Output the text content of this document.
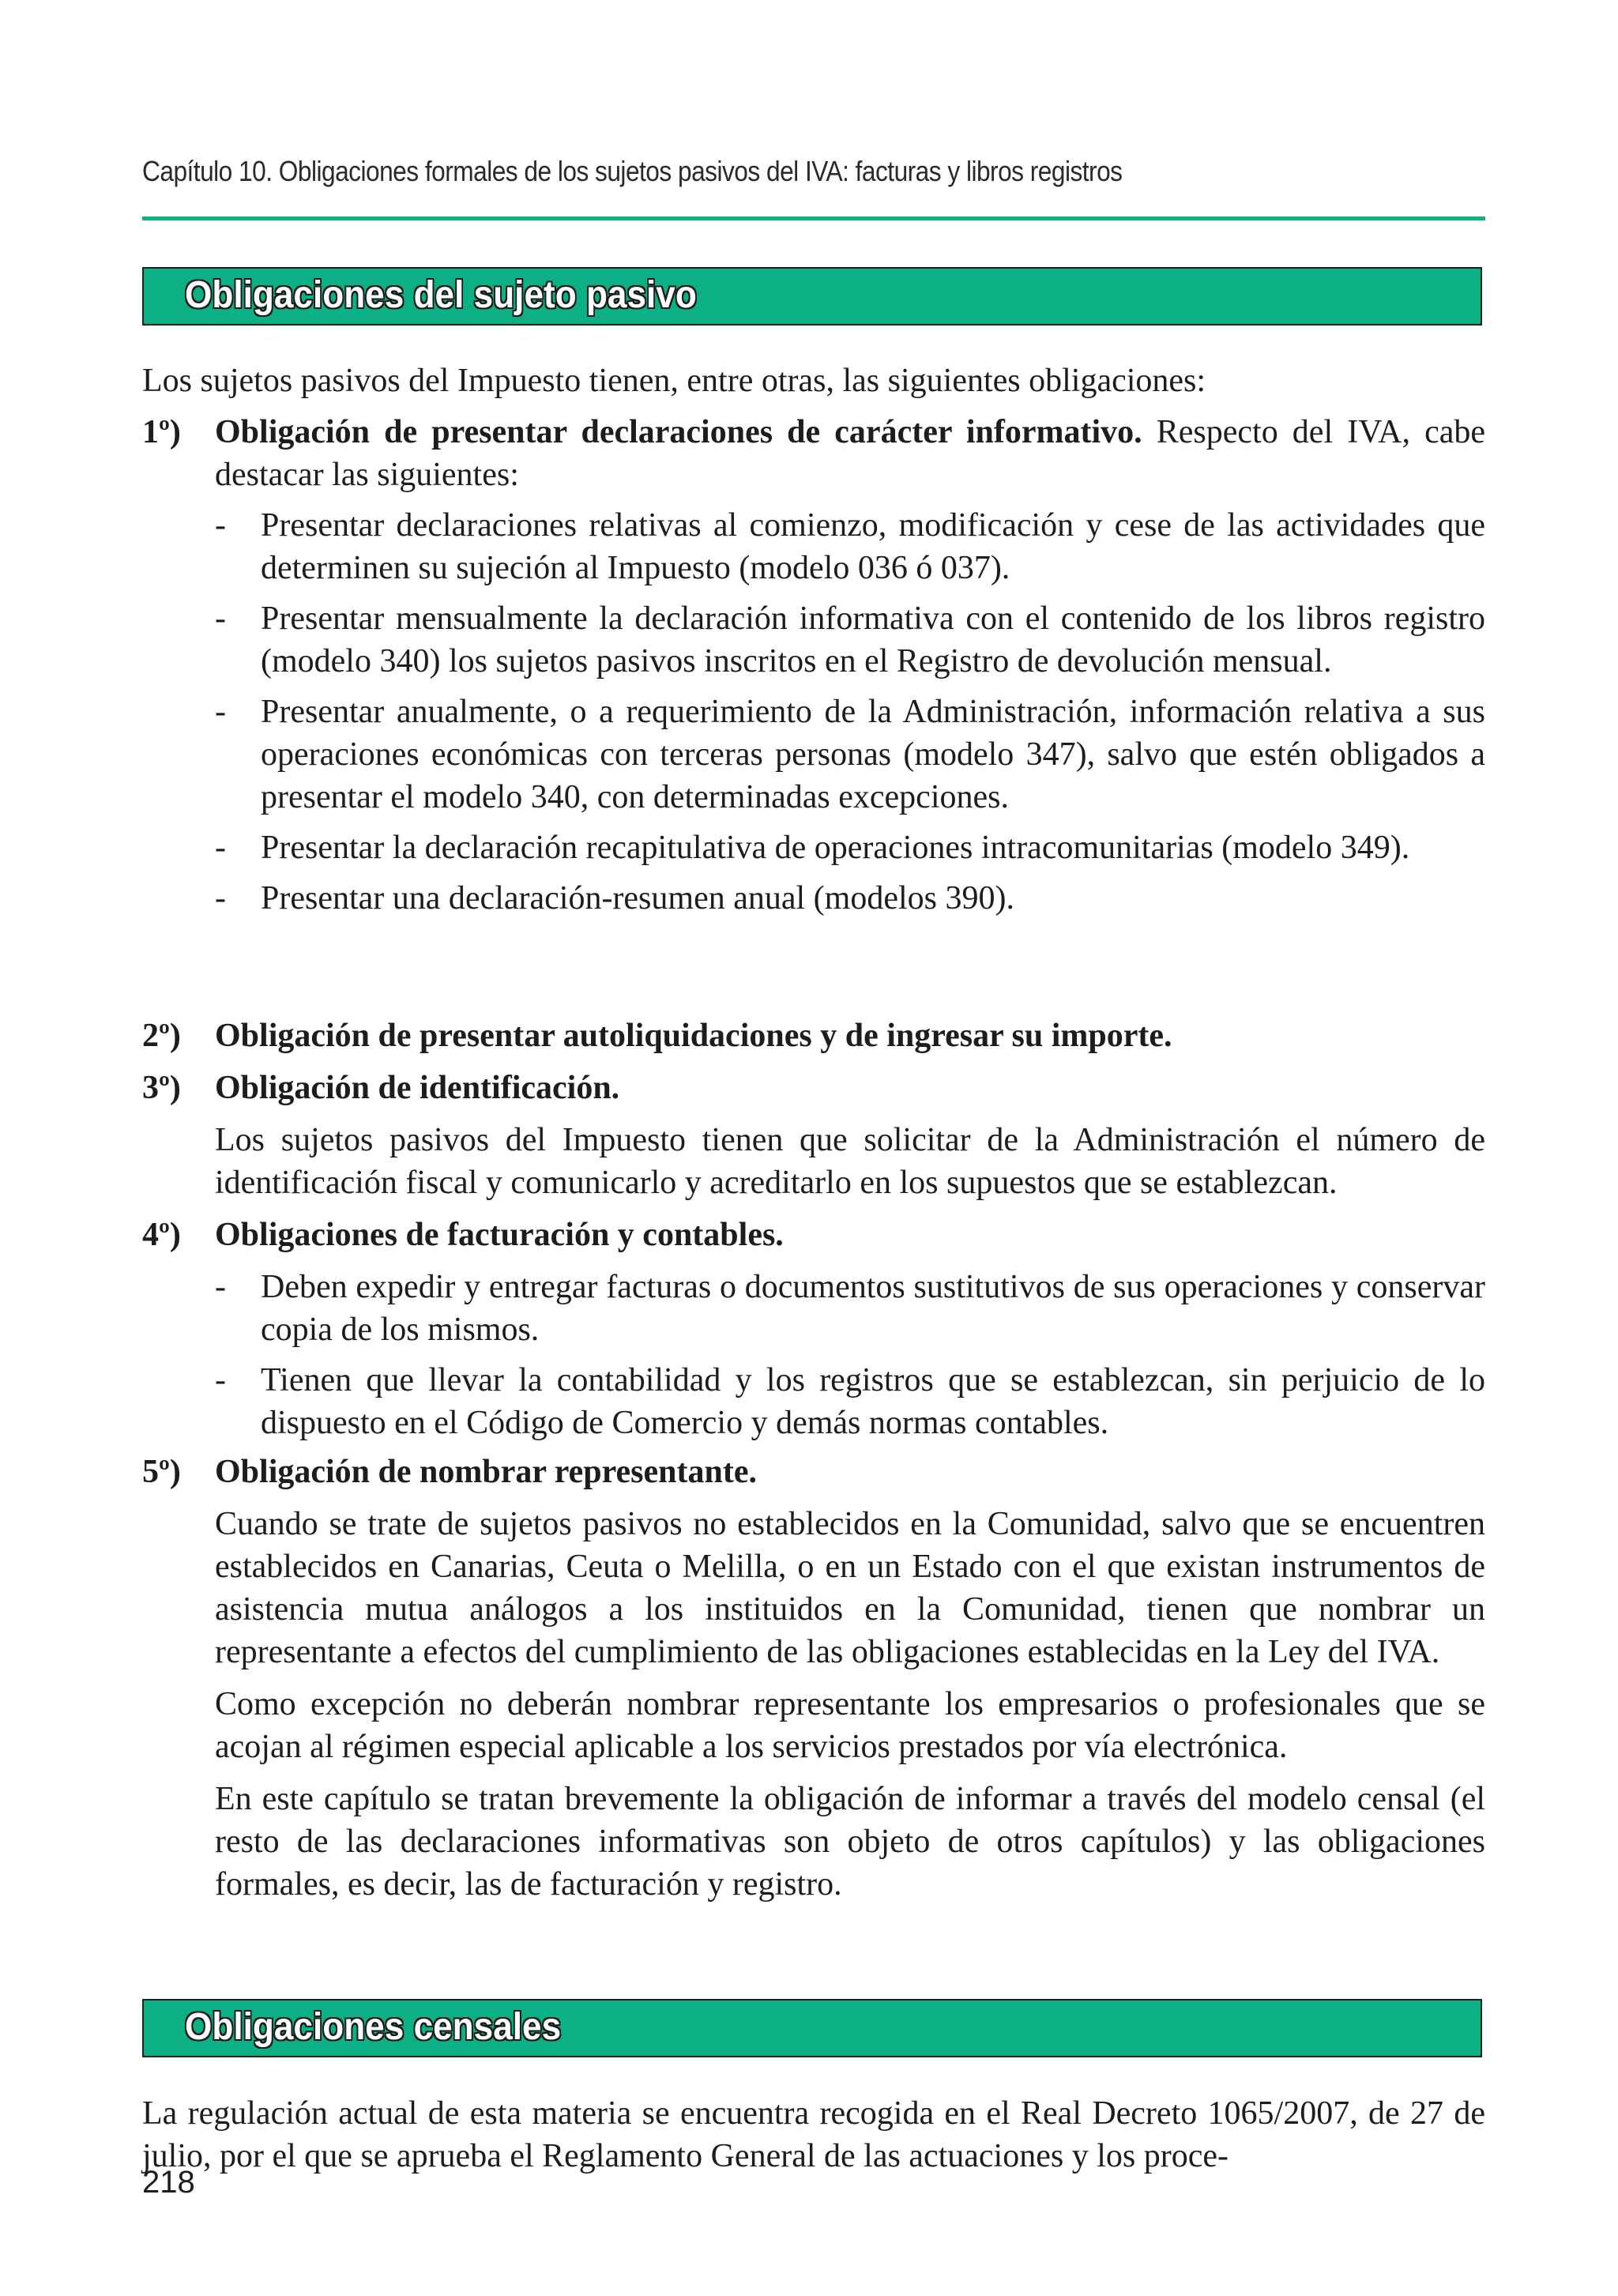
Capítulo 10. Obligaciones formales de los sujetos pasivos del IVA: facturas y libros registros
Obligaciones del sujeto pasivo

Los sujetos pasivos del Impuesto tienen, entre otras, las siguientes obligaciones:

1º) Obligación de presentar declaraciones de carácter informativo. Respecto del IVA, cabe destacar las siguientes:
- Presentar declaraciones relativas al comienzo, modificación y cese de las actividades que determinen su sujeción al Impuesto (modelo 036 ó 037).
- Presentar mensualmente la declaración informativa con el contenido de los libros registro (modelo 340) los sujetos pasivos inscritos en el Registro de devolución mensual.
- Presentar anualmente, o a requerimiento de la Administración, información relativa a sus operaciones económicas con terceras personas (modelo 347), salvo que estén obligados a presentar el modelo 340, con determinadas excepciones.
- Presentar la declaración recapitulativa de operaciones intracomunitarias (modelo 349).
- Presentar una declaración-resumen anual (modelos 390).
2º) Obligación de presentar autoliquidaciones y de ingresar su importe.
3º) Obligación de identificación.
Los sujetos pasivos del Impuesto tienen que solicitar de la Administración el número de identificación fiscal y comunicarlo y acreditarlo en los supuestos que se establezcan.
4º) Obligaciones de facturación y contables.
- Deben expedir y entregar facturas o documentos sustitutivos de sus operaciones y conservar copia de los mismos.
- Tienen que llevar la contabilidad y los registros que se establezcan, sin perjuicio de lo dispuesto en el Código de Comercio y demás normas contables.
5º) Obligación de nombrar representante.
Cuando se trate de sujetos pasivos no establecidos en la Comunidad, salvo que se encuentren establecidos en Canarias, Ceuta o Melilla, o en un Estado con el que existan instrumentos de asistencia mutua análogos a los instituidos en la Comunidad, tienen que nombrar un representante a efectos del cumplimiento de las obligaciones establecidas en la Ley del IVA.
Como excepción no deberán nombrar representante los empresarios o profesionales que se acojan al régimen especial aplicable a los servicios prestados por vía electrónica.
En este capítulo se tratan brevemente la obligación de informar a través del modelo censal (el resto de las declaraciones informativas son objeto de otros capítulos) y las obligaciones formales, es decir, las de facturación y registro.
Obligaciones censales

La regulación actual de esta materia se encuentra recogida en el Real Decreto 1065/2007, de 27 de julio, por el que se aprueba el Reglamento General de las actuaciones y los proce-

218
